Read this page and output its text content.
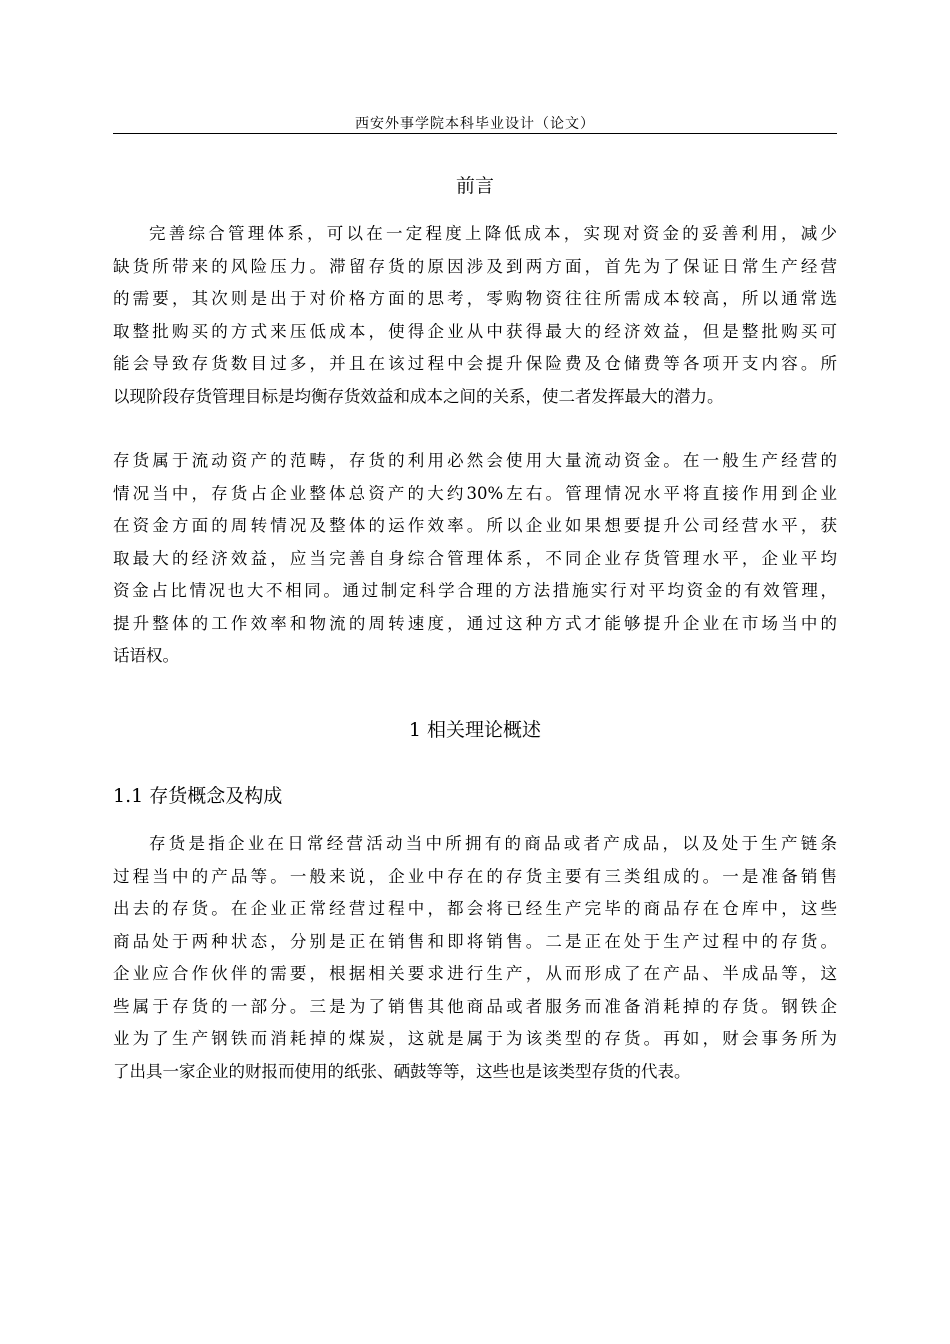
西安外事学院本科毕业设计（论文）
前言
完善综合管理体系，可以在一定程度上降低成本，实现对资金的妥善利用，减少
缺货所带来的风险压力。滞留存货的原因涉及到两方面，首先为了保证日常生产经营
的需要，其次则是出于对价格方面的思考，零购物资往往所需成本较高，所以通常选
取整批购买的方式来压低成本，使得企业从中获得最大的经济效益，但是整批购买可
能会导致存货数目过多，并且在该过程中会提升保险费及仓储费等各项开支内容。所
以现阶段存货管理目标是均衡存货效益和成本之间的关系，使二者发挥最大的潜力。
存货属于流动资产的范畴，存货的利用必然会使用大量流动资金。在一般生产经营的
情况当中，存货占企业整体总资产的大约30%左右。管理情况水平将直接作用到企业
在资金方面的周转情况及整体的运作效率。所以企业如果想要提升公司经营水平，获
取最大的经济效益，应当完善自身综合管理体系，不同企业存货管理水平，企业平均
资金占比情况也大不相同。通过制定科学合理的方法措施实行对平均资金的有效管理，
提升整体的工作效率和物流的周转速度，通过这种方式才能够提升企业在市场当中的
话语权。
1 相关理论概述
1.1 存货概念及构成
存货是指企业在日常经营活动当中所拥有的商品或者产成品，以及处于生产链条
过程当中的产品等。一般来说，企业中存在的存货主要有三类组成的。一是准备销售
出去的存货。在企业正常经营过程中，都会将已经生产完毕的商品存在仓库中，这些
商品处于两种状态，分别是正在销售和即将销售。二是正在处于生产过程中的存货。
企业应合作伙伴的需要，根据相关要求进行生产，从而形成了在产品、半成品等，这
些属于存货的一部分。三是为了销售其他商品或者服务而准备消耗掉的存货。钢铁企
业为了生产钢铁而消耗掉的煤炭，这就是属于为该类型的存货。再如，财会事务所为
了出具一家企业的财报而使用的纸张、硒鼓等等，这些也是该类型存货的代表。
